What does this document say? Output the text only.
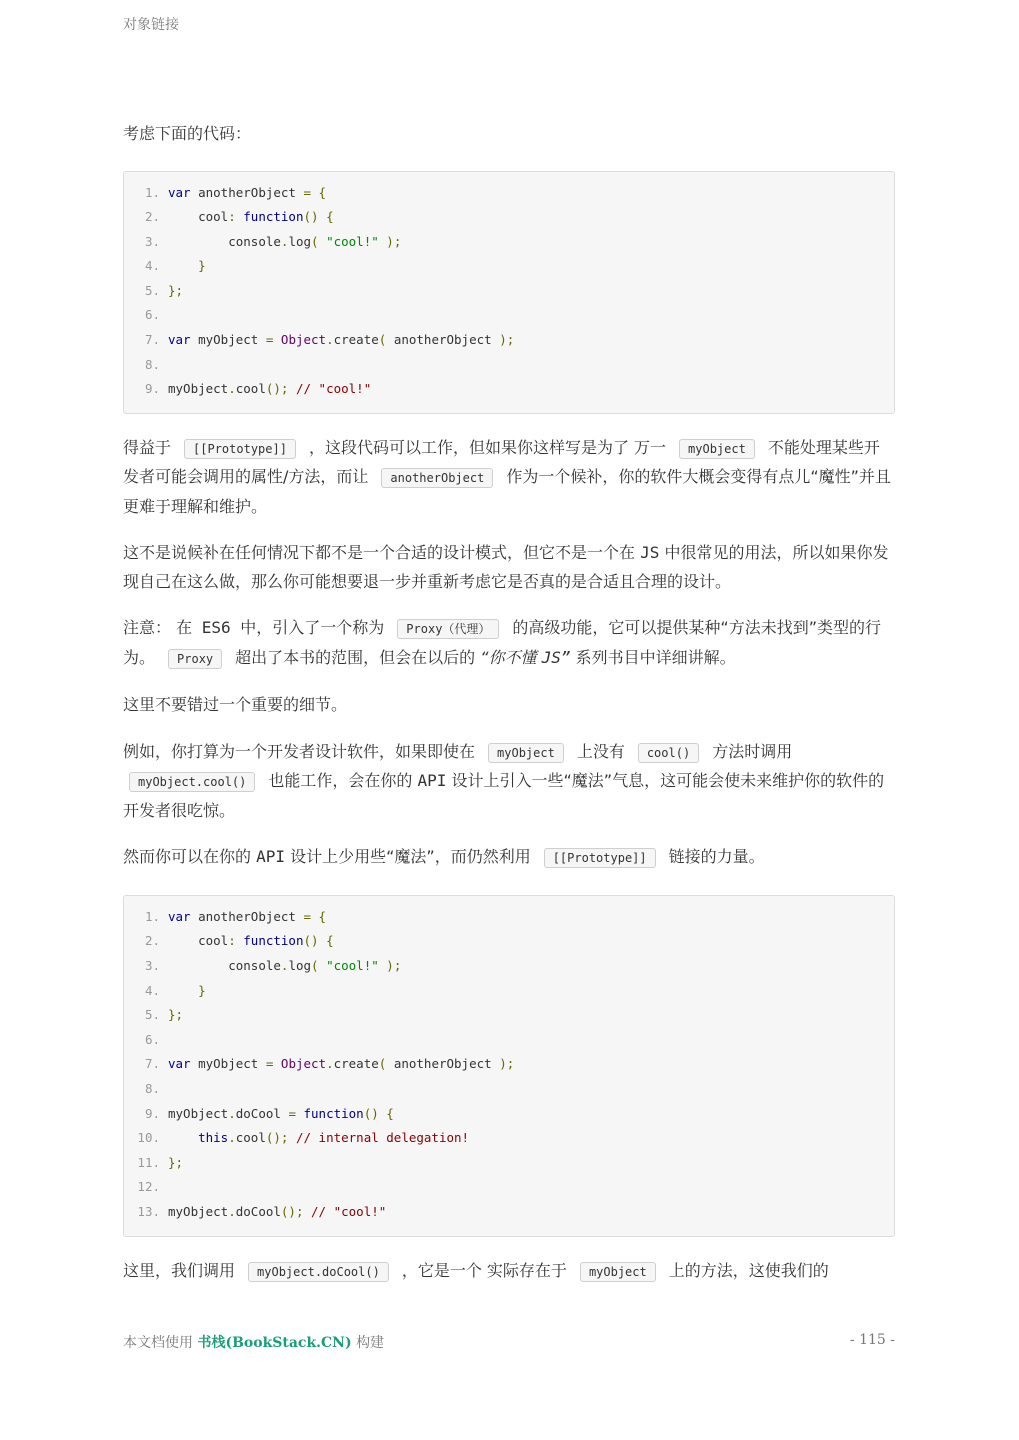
对象链接

考虑下面的代码：

1. var anotherObject = {
2.	cool: function() {
3.	console.log( "cool!" );
4.	}
5. };
6.
7. var myObject = Object.create( anotherObject );
8.
9. myObject.cool(); // "cool!"

得益于 [[Prototype]] ，这段代码可以工作，但如果你这样写是为了 万一 myObject 不能处理某些开发者可能会调用的属性/方法，而让 anotherObject 作为一个候补，你的软件大概会变得有点儿“魔性”并且更难于理解和维护。

这不是说候补在任何情况下都不是一个合适的设计模式，但它不是一个在 JS 中很常见的用法，所以如果你发现自己在这么做，那么你可能想要退一步并重新考虑它是否真的是合适且合理的设计。

注意： 在 ES6 中，引入了一个称为 Proxy（代理） 的高级功能，它可以提供某种“方法未找到”类型的行为。 Proxy 超出了本书的范围，但会在以后的 “你不懂 JS” 系列书目中详细讲解。

这里不要错过一个重要的细节。

例如，你打算为一个开发者设计软件，如果即使在 myObject 上没有 cool() 方法时调用myObject.cool() 也能工作，会在你的 API 设计上引入一些“魔法”气息，这可能会使未来维护你的软件的开发者很吃惊。

然而你可以在你的 API 设计上少用些“魔法”，而仍然利用 [[Prototype]] 链接的力量。

1. var anotherObject = {
2.	cool: function() {
3.	console.log( "cool!" );
4.	}
5. };
6.
7. var myObject = Object.create( anotherObject );
8.
9. myObject.doCool = function() {
10.	this.cool(); // internal delegation!
11. };
12.
13. myObject.doCool(); // "cool!"

这里，我们调用 myObject.doCool() ，它是一个 实际存在于 myObject 上的方法，这使我们的

本文档使用 书栈(BookStack.CN) 构建	- 115 -
